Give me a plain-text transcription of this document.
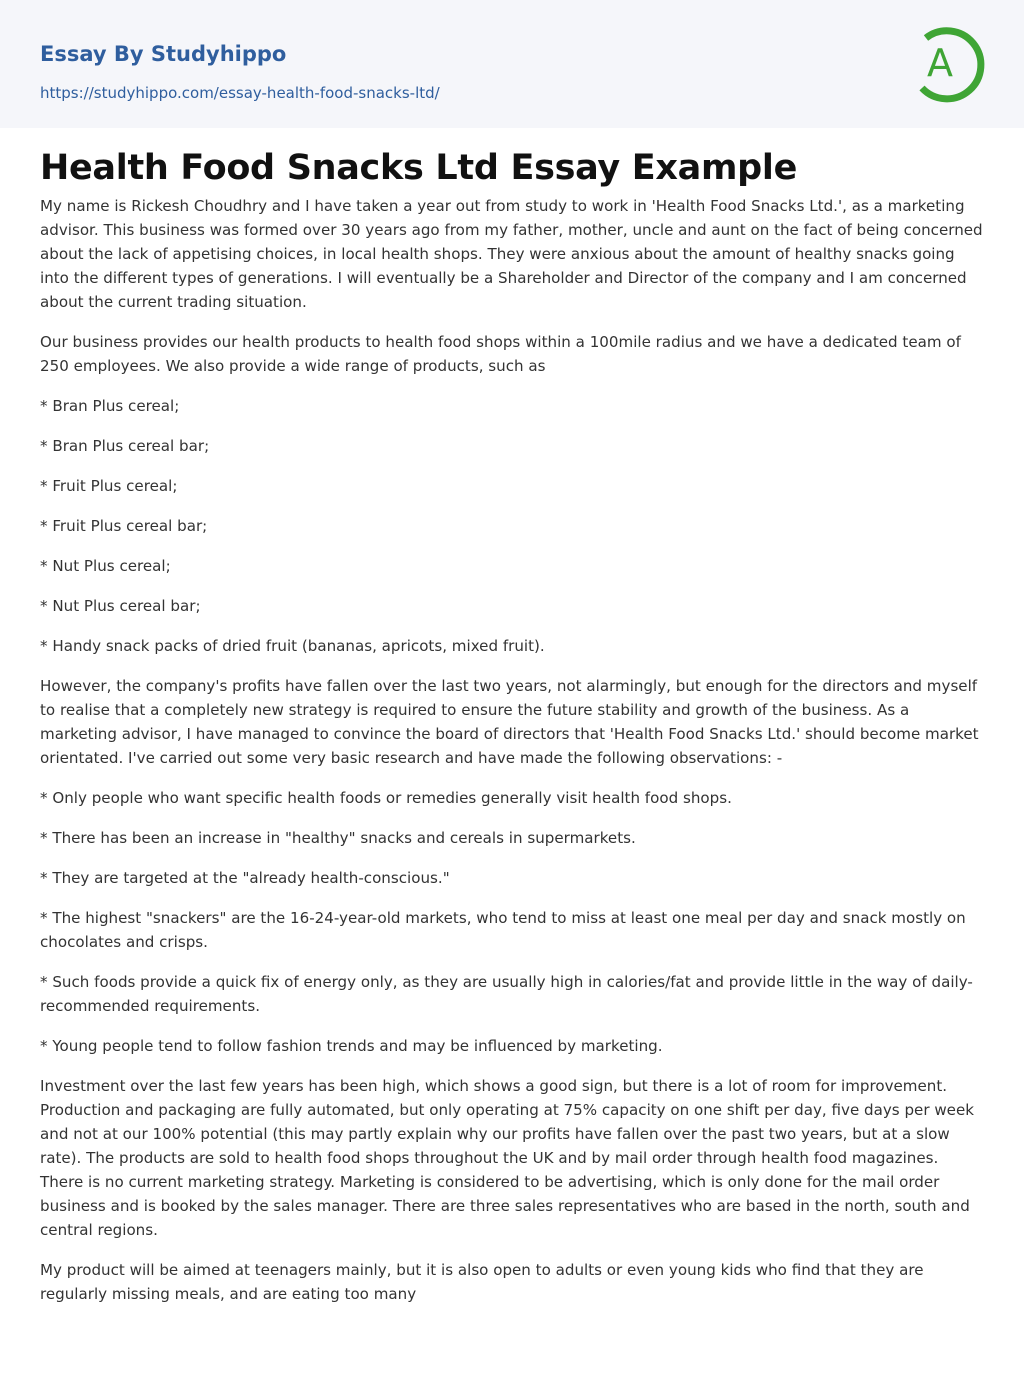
Essay By Studyhippo
https://studyhippo.com/essay-health-food-snacks-ltd/
A
Health Food Snacks Ltd Essay Example

My name is Rickesh Choudhry and I have taken a year out from study to work in 'Health Food Snacks Ltd.', as a marketing advisor. This business was formed over 30 years ago from my father, mother, uncle and aunt on the fact of being concerned about the lack of appetising choices, in local health shops. They were anxious about the amount of healthy snacks going into the different types of generations. I will eventually be a Shareholder and Director of the company and I am concerned about the current trading situation.

Our business provides our health products to health food shops within a 100mile radius and we have a dedicated team of 250 employees. We also provide a wide range of products, such as

* Bran Plus cereal;

* Bran Plus cereal bar;

* Fruit Plus cereal;

* Fruit Plus cereal bar;

* Nut Plus cereal;

* Nut Plus cereal bar;

* Handy snack packs of dried fruit (bananas, apricots, mixed fruit).

However, the company's profits have fallen over the last two years, not alarmingly, but enough for the directors and myself to realise that a completely new strategy is required to ensure the future stability and growth of the business. As a marketing advisor, I have managed to convince the board of directors that 'Health Food Snacks Ltd.' should become market orientated. I've carried out some very basic research and have made the following observations: -

* Only people who want specific health foods or remedies generally visit health food shops.

* There has been an increase in "healthy" snacks and cereals in supermarkets.

* They are targeted at the "already health-conscious."

* The highest "snackers" are the 16-24-year-old markets, who tend to miss at least one meal per day and snack mostly on chocolates and crisps.

* Such foods provide a quick fix of energy only, as they are usually high in calories/fat and provide little in the way of daily-recommended requirements.

* Young people tend to follow fashion trends and may be influenced by marketing.

Investment over the last few years has been high, which shows a good sign, but there is a lot of room for improvement. Production and packaging are fully automated, but only operating at 75% capacity on one shift per day, five days per week and not at our 100% potential (this may partly explain why our profits have fallen over the past two years, but at a slow rate). The products are sold to health food shops throughout the UK and by mail order through health food magazines. There is no current marketing strategy. Marketing is considered to be advertising, which is only done for the mail order business and is booked by the sales manager. There are three sales representatives who are based in the north, south and central regions.

My product will be aimed at teenagers mainly, but it is also open to adults or even young kids who find that they are regularly missing meals, and are eating too many
